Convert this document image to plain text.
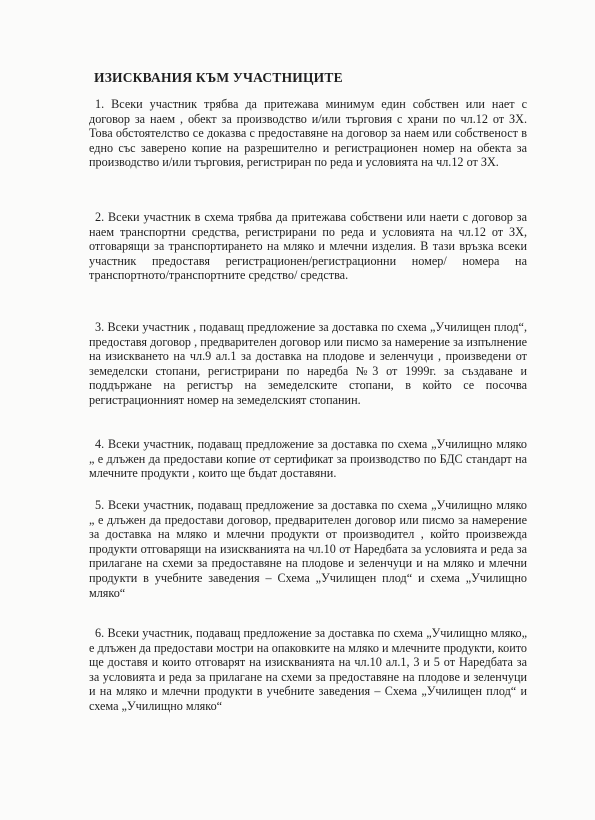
ИЗИСКВАНИЯ КЪМ УЧАСТНИЦИТЕ

1. Всеки участник трябва да притежава минимум един собствен или нает с договор за наем , обект за производство и/или търговия с храни по чл.12 от ЗХ. Това обстоятелство се доказва с предоставяне на договор за наем или собственост в едно със заверено копие на разрешително и регистрационен номер на обекта за производство и/или търговия, регистриран по реда и условията на чл.12 от ЗХ.

2. Всеки участник в схема трябва да притежава собствени или наети с договор за наем транспортни средства, регистрирани по реда и условията на чл.12 от ЗХ, отговарящи за транспортирането на мляко и млечни изделия. В тази връзка всеки участник предоставя регистрационен/регистрационни номер/ номера на транспортното/транспортните средство/ средства.

3. Всеки участник , подаващ предложение за доставка по схема „Училищен плод“, предоставя договор , предварителен договор или писмо за намерение за изпълнение на изискването на чл.9 ал.1 за доставка на плодове и зеленчуци , произведени от земеделски стопани, регистрирани по наредба №3 от 1999г. за създаване и поддържане на регистър на земеделските стопани, в който се посочва регистрационният номер на земеделският стопанин.

4. Всеки участник, подаващ предложение за доставка по схема „Училищно мляко „ е длъжен да предостави копие от сертификат за производство по БДС стандарт на млечните продукти , които ще бъдат доставяни.

5. Всеки участник, подаващ предложение за доставка по схема „Училищно мляко „ е длъжен да предостави договор, предварителен договор или писмо за намерение за доставка на мляко и млечни продукти от производител , който произвежда продукти отговарящи на изискванията на чл.10 от Наредбата за условията и реда за прилагане на схеми за предоставяне на плодове и зеленчуци и на мляко и млечни продукти в учебните заведения – Схема „Училищен плод“ и схема „Училищно мляко“

6. Всеки участник, подаващ предложение за доставка по схема „Училищно мляко„ е длъжен да предостави мостри на опаковките на мляко и млечните продукти, които ще доставя и които отговарят на изискванията на чл.10 ал.1, 3 и 5 от Наредбата за за условията и реда за прилагане на схеми за предоставяне на плодове и зеленчуци и на мляко и млечни продукти в учебните заведения – Схема „Училищен плод“ и схема „Училищно мляко“
